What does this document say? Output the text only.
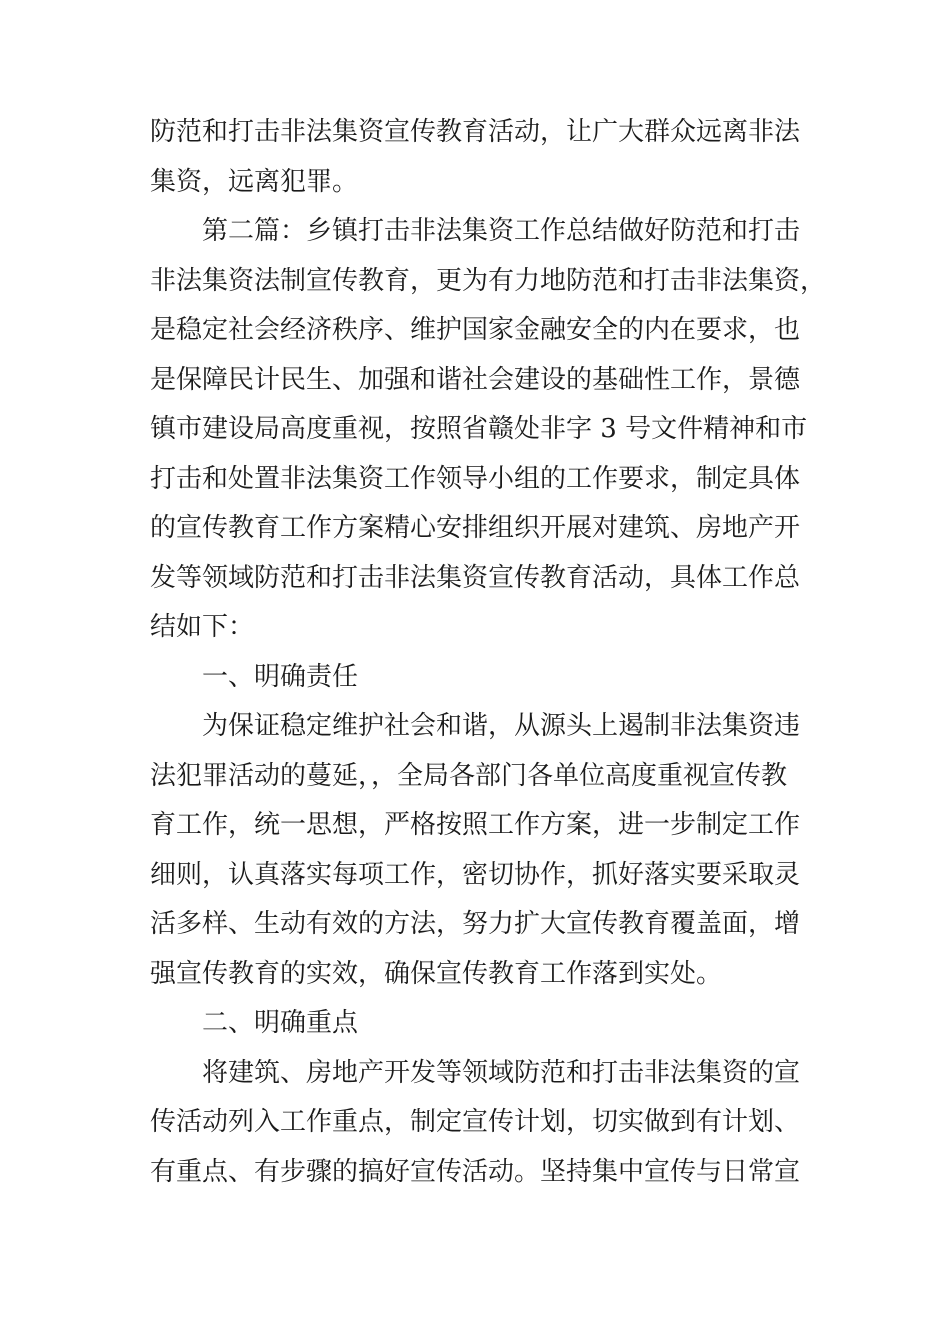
防范和打击非法集资宣传教育活动，让广大群众远离非法
集资，远离犯罪。
第二篇：乡镇打击非法集资工作总结做好防范和打击
非法集资法制宣传教育，更为有力地防范和打击非法集资，
是稳定社会经济秩序、维护国家金融安全的内在要求，也
是保障民计民生、加强和谐社会建设的基础性工作，景德
镇市建设局高度重视，按照省赣处非字 3 号文件精神和市
打击和处置非法集资工作领导小组的工作要求，制定具体
的宣传教育工作方案精心安排组织开展对建筑、房地产开
发等领域防范和打击非法集资宣传教育活动，具体工作总
结如下：
一、明确责任
为保证稳定维护社会和谐，从源头上遏制非法集资违
法犯罪活动的蔓延，，全局各部门各单位高度重视宣传教
育工作，统一思想，严格按照工作方案，进一步制定工作
细则，认真落实每项工作，密切协作，抓好落实要采取灵
活多样、生动有效的方法，努力扩大宣传教育覆盖面，增
强宣传教育的实效，确保宣传教育工作落到实处。
二、明确重点
将建筑、房地产开发等领域防范和打击非法集资的宣
传活动列入工作重点，制定宣传计划，切实做到有计划、
有重点、有步骤的搞好宣传活动。坚持集中宣传与日常宣
